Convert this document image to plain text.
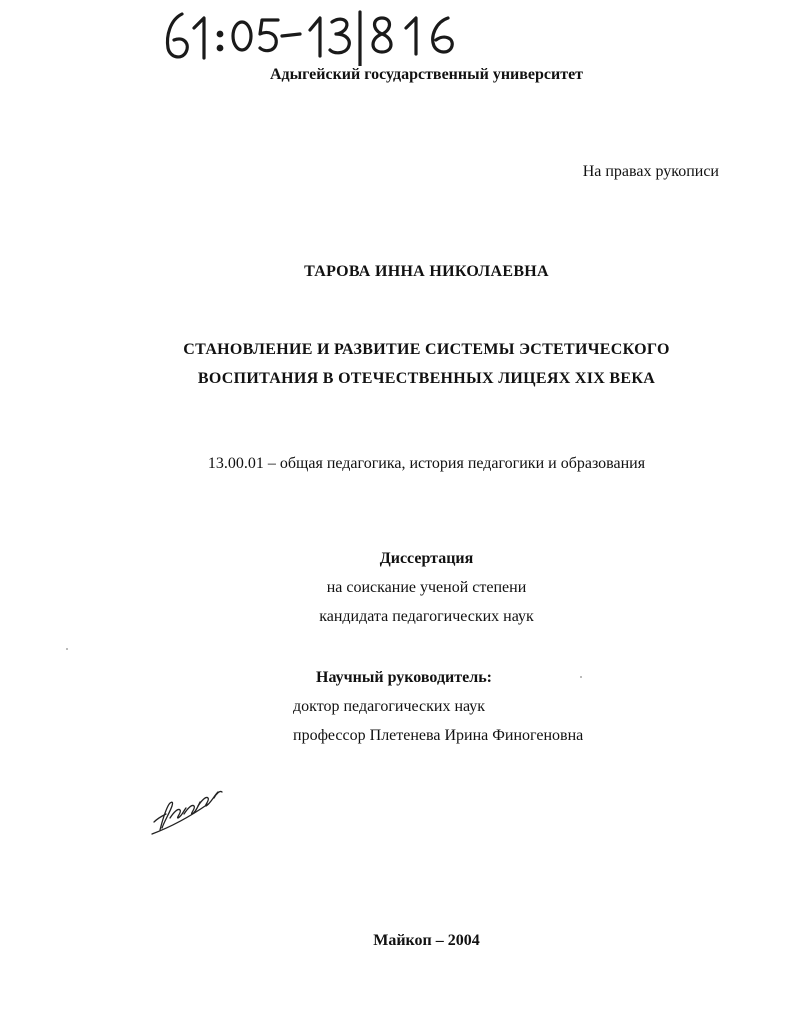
Адыгейский государственный университет
На правах рукописи
ТАРОВА ИННА НИКОЛАЕВНА
СТАНОВЛЕНИЕ И РАЗВИТИЕ СИСТЕМЫ ЭСТЕТИЧЕСКОГО
ВОСПИТАНИЯ В ОТЕЧЕСТВЕННЫХ ЛИЦЕЯХ XIX ВЕКА
13.00.01 – общая педагогика, история педагогики и образования
Диссертация
на соискание ученой степени
кандидата педагогических наук
Научный руководитель:
доктор педагогических наук
профессор Плетенева Ирина Финогеновна
Майкоп – 2004
